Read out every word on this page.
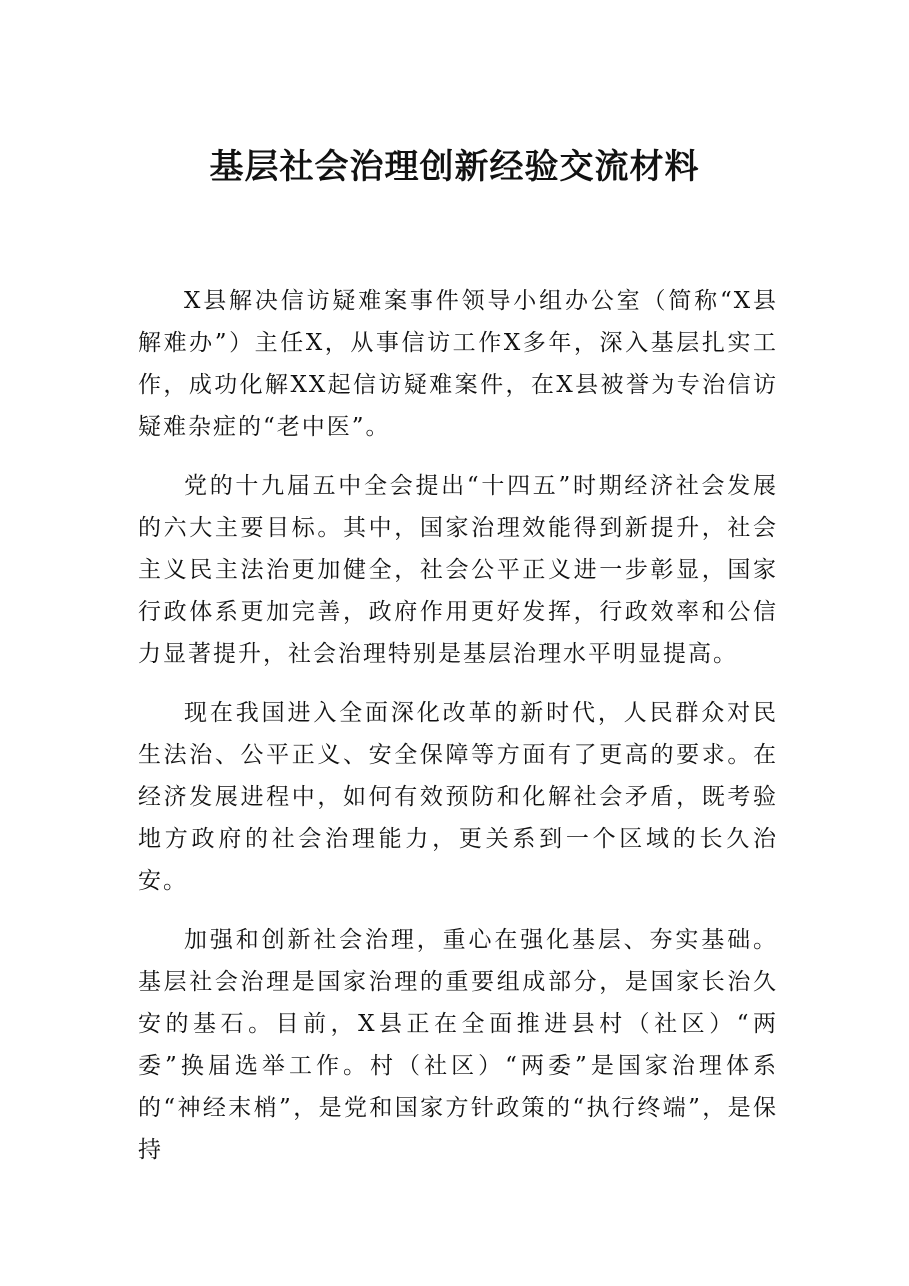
基层社会治理创新经验交流材料

X县解决信访疑难案事件领导小组办公室（简称“X县解难办”）主任X，从事信访工作X多年，深入基层扎实工作，成功化解XX起信访疑难案件，在X县被誉为专治信访疑难杂症的“老中医”。

党的十九届五中全会提出“十四五”时期经济社会发展的六大主要目标。其中，国家治理效能得到新提升，社会主义民主法治更加健全，社会公平正义进一步彰显，国家行政体系更加完善，政府作用更好发挥，行政效率和公信力显著提升，社会治理特别是基层治理水平明显提高。

现在我国进入全面深化改革的新时代，人民群众对民生法治、公平正义、安全保障等方面有了更高的要求。在经济发展进程中，如何有效预防和化解社会矛盾，既考验地方政府的社会治理能力，更关系到一个区域的长久治安。

加强和创新社会治理，重心在强化基层、夯实基础。基层社会治理是国家治理的重要组成部分，是国家长治久安的基石。目前，X县正在全面推进县村（社区）“两委”换届选举工作。村（社区）“两委”是国家治理体系的“神经末梢”，是党和国家方针政策的“执行终端”，是保持
